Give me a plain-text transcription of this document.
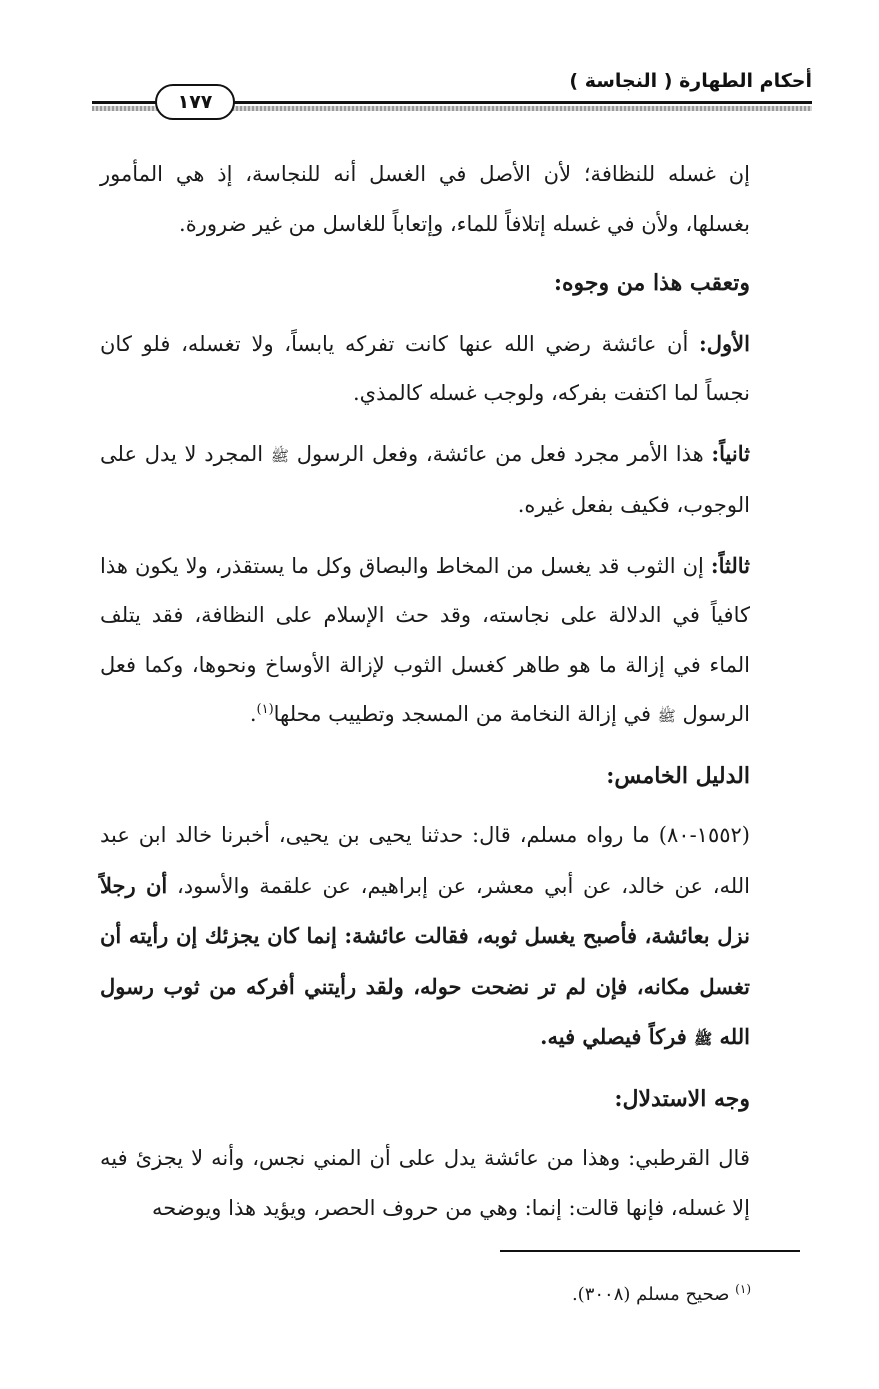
أحكام الطهارة ( النجاسة )
١٧٧

إن غسله للنظافة؛ لأن الأصل في الغسل أنه للنجاسة، إذ هي المأمور بغسلها، ولأن في غسله إتلافاً للماء، وإتعاباً للغاسل من غير ضرورة.

وتعقب هذا من وجوه:

الأول: أن عائشة رضي الله عنها كانت تفركه يابساً، ولا تغسله، فلو كان نجساً لما اكتفت بفركه، ولوجب غسله كالمذي.

ثانياً: هذا الأمر مجرد فعل من عائشة، وفعل الرسول ﷺ المجرد لا يدل على الوجوب، فكيف بفعل غيره.

ثالثاً: إن الثوب قد يغسل من المخاط والبصاق وكل ما يستقذر، ولا يكون هذا كافياً في الدلالة على نجاسته، وقد حث الإسلام على النظافة، فقد يتلف الماء في إزالة ما هو طاهر كغسل الثوب لإزالة الأوساخ ونحوها، وكما فعل الرسول ﷺ في إزالة النخامة من المسجد وتطييب محلها$^{(١)}$.

الدليل الخامس:

(١٥٥٢-٨٠) ما رواه مسلم، قال: حدثنا يحيى بن يحيى، أخبرنا خالد ابن عبد الله، عن خالد، عن أبي معشر، عن إبراهيم، عن علقمة والأسود، أن رجلاً نزل بعائشة، فأصبح يغسل ثوبه، فقالت عائشة: إنما كان يجزئك إن رأيته أن تغسل مكانه، فإن لم تر نضحت حوله، ولقد رأيتني أفركه من ثوب رسول الله ﷺ فركاً فيصلي فيه.

وجه الاستدلال:

قال القرطبي: وهذا من عائشة يدل على أن المني نجس، وأنه لا يجزئ فيه إلا غسله، فإنها قالت: إنما: وهي من حروف الحصر، ويؤيد هذا ويوضحه

$^{(١)}$ صحيح مسلم (٣٠٠٨).
